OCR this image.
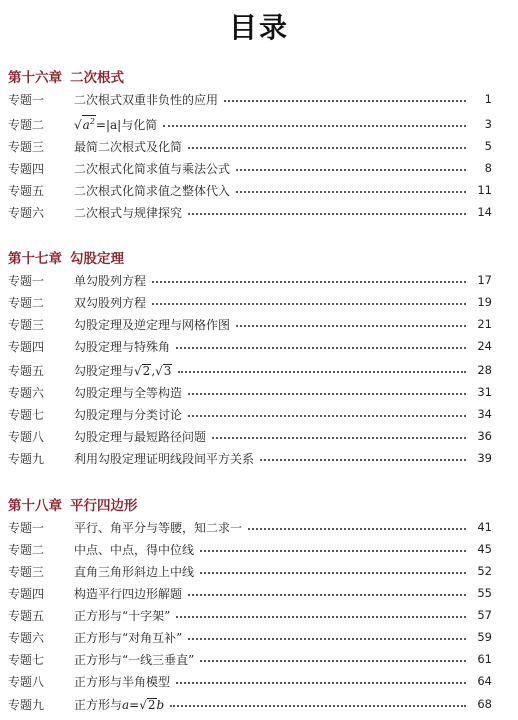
目录
第十六章 二次根式
专题一	二次根式双重非负性的应用	1
专题二	$√a^2=|a|$与化简	3
专题三	最简二次根式及化简	5
专题四	二次根式化简求值与乘法公式	8
专题五	二次根式化简求值之整体代入	11
专题六	二次根式与规律探究	14
第十七章 勾股定理
专题一	单勾股列方程	17
专题二	双勾股列方程	19
专题三	勾股定理及逆定理与网格作图	21
专题四	勾股定理与特殊角	24
专题五	勾股定理与√2,√3	28
专题六	勾股定理与全等构造	31
专题七	勾股定理与分类讨论	34
专题八	勾股定理与最短路径问题	36
专题九	利用勾股定理证明线段间平方关系	39
第十八章 平行四边形
专题一	平行、角平分与等腰，知二求一	41
专题二	中点、中点，得中位线	45
专题三	直角三角形斜边上中线	52
专题四	构造平行四边形解题	55
专题五	正方形与“十字架”	57
专题六	正方形与“对角互补”	59
专题七	正方形与“一线三垂直”	61
专题八	正方形与半角模型	64
专题九	正方形与a=√2b	68
